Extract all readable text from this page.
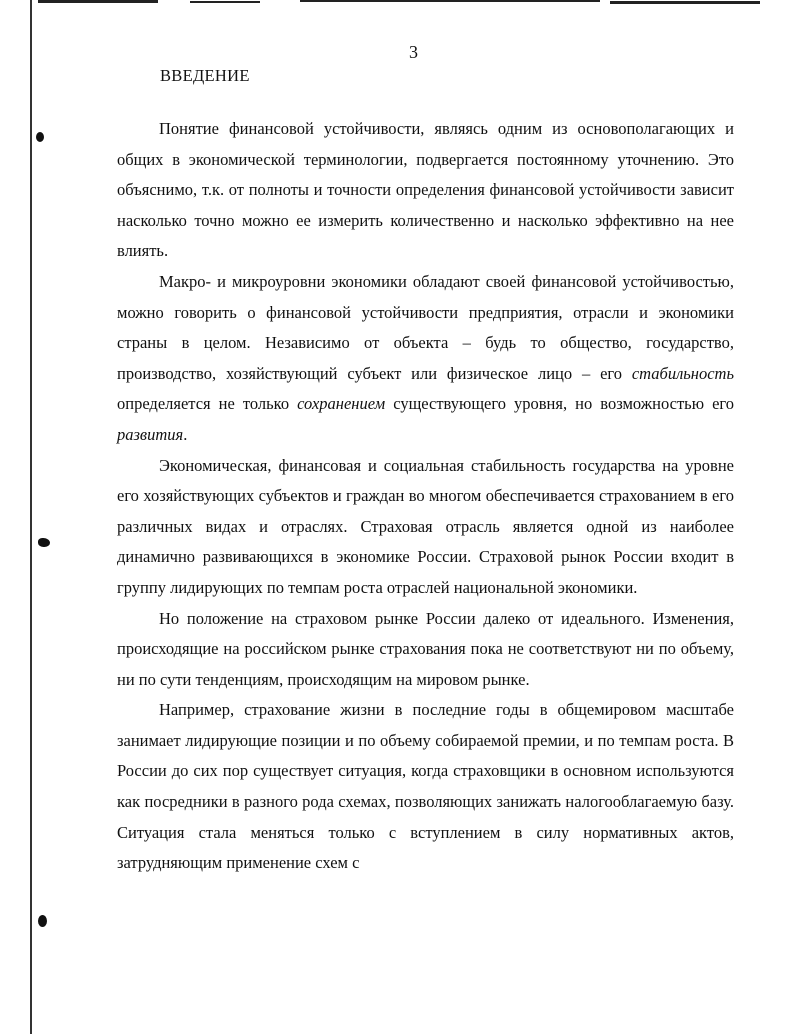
3
ВВЕДЕНИЕ

Понятие финансовой устойчивости, являясь одним из основополагающих и общих в экономической терминологии, подвергается постоянному уточнению. Это объяснимо, т.к. от полноты и точности определения финансовой устойчивости зависит насколько точно можно ее измерить количественно и насколько эффективно на нее влиять.

Макро- и микроуровни экономики обладают своей финансовой устойчивостью, можно говорить о финансовой устойчивости предприятия, отрасли и экономики страны в целом. Независимо от объекта – будь то общество, государство, производство, хозяйствующий субъект или физическое лицо – его стабильность определяется не только сохранением существующего уровня, но возможностью его развития.

Экономическая, финансовая и социальная стабильность государства на уровне его хозяйствующих субъектов и граждан во многом обеспечивается страхованием в его различных видах и отраслях. Страховая отрасль является одной из наиболее динамично развивающихся в экономике России. Страховой рынок России входит в группу лидирующих по темпам роста отраслей национальной экономики.

Но положение на страховом рынке России далеко от идеального. Изменения, происходящие на российском рынке страхования пока не соответствуют ни по объему, ни по сути тенденциям, происходящим на мировом рынке.

Например, страхование жизни в последние годы в общемировом масштабе занимает лидирующие позиции и по объему собираемой премии, и по темпам роста. В России до сих пор существует ситуация, когда страховщики в основном используются как посредники в разного рода схемах, позволяющих занижать налогооблагаемую базу. Ситуация стала меняться только с вступлением в силу нормативных актов, затрудняющим применение схем с
